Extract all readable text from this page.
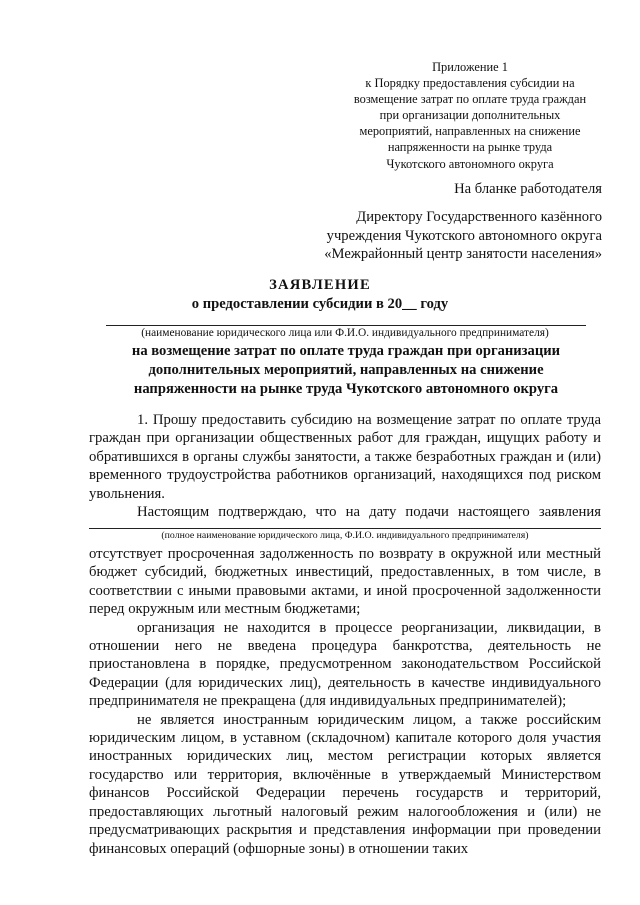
Приложение 1
к Порядку предоставления субсидии на
возмещение затрат по оплате труда граждан
при организации дополнительных
мероприятий, направленных на снижение
напряженности на рынке труда
Чукотского автономного округа
На бланке работодателя
Директору Государственного казённого
учреждения Чукотского автономного округа
«Межрайонный центр занятости населения»
ЗАЯВЛЕНИЕ
о предоставлении субсидии в 20__ году
(наименование юридического лица или Ф.И.О. индивидуального предпринимателя)
на возмещение затрат по оплате труда граждан при организации дополнительных мероприятий, направленных на снижение напряженности на рынке труда Чукотского автономного округа

1. Прошу предоставить субсидию на возмещение затрат по оплате труда граждан при организации общественных работ для граждан, ищущих работу и обратившихся в органы службы занятости, а также безработных граждан и (или) временного трудоустройства работников организаций, находящихся под риском увольнения.

Настоящим подтверждаю, что на дату подачи настоящего заявления

(полное наименование юридического лица, Ф.И.О. индивидуального предпринимателя)

отсутствует просроченная задолженность по возврату в окружной или местный бюджет субсидий, бюджетных инвестиций, предоставленных, в том числе, в соответствии с иными правовыми актами, и иной просроченной задолженности перед окружным или местным бюджетами;

организация не находится в процессе реорганизации, ликвидации, в отношении него не введена процедура банкротства, деятельность не приостановлена в порядке, предусмотренном законодательством Российской Федерации (для юридических лиц), деятельность в качестве индивидуального предпринимателя не прекращена (для индивидуальных предпринимателей);

не является иностранным юридическим лицом, а также российским юридическим лицом, в уставном (складочном) капитале которого доля участия иностранных юридических лиц, местом регистрации которых является государство или территория, включённые в утверждаемый Министерством финансов Российской Федерации перечень государств и территорий, предоставляющих льготный налоговый режим налогообложения и (или) не предусматривающих раскрытия и представления информации при проведении финансовых операций (офшорные зоны) в отношении таких
